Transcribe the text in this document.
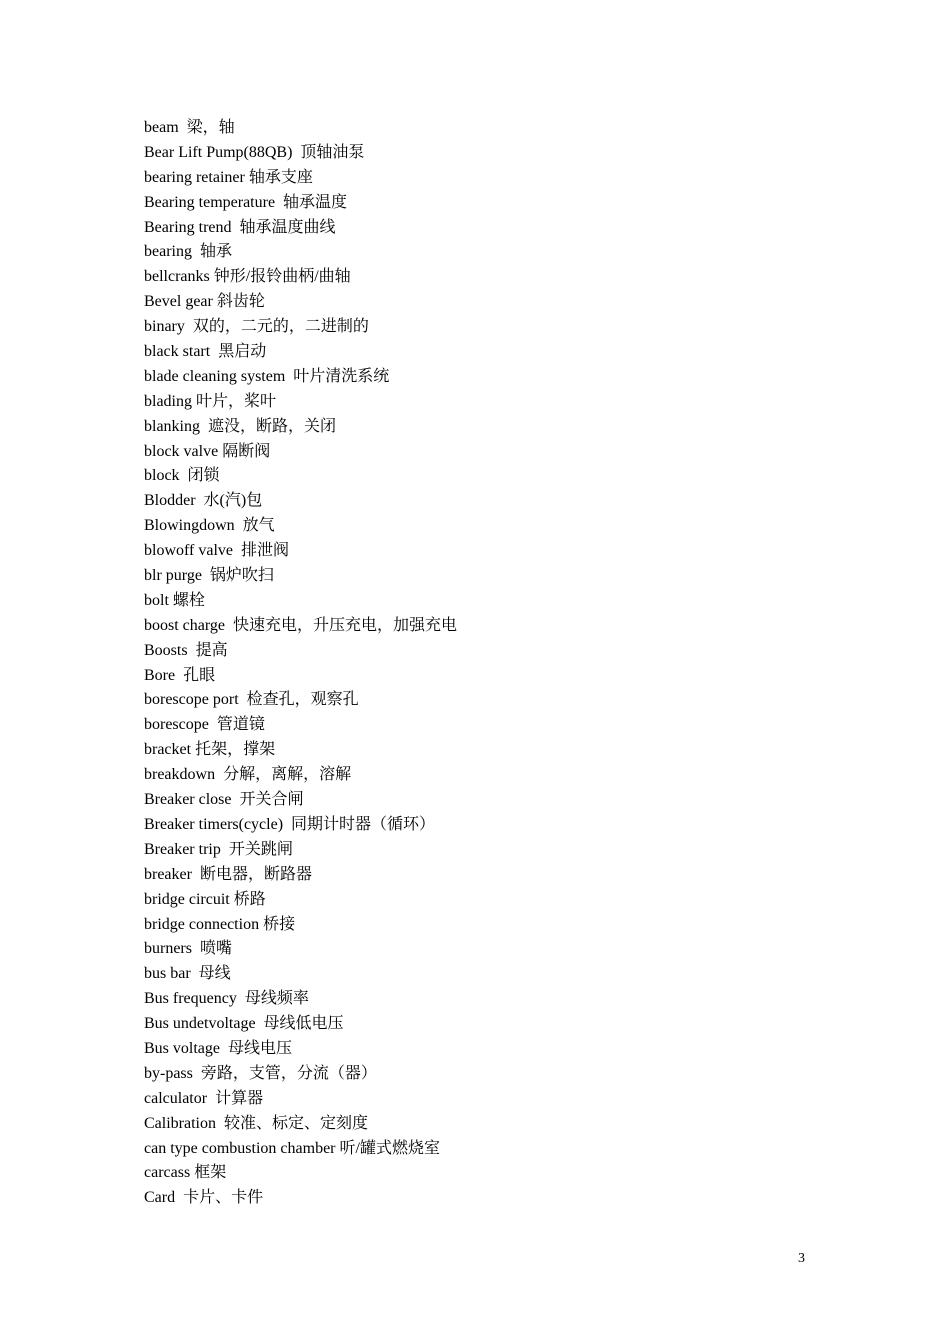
beam  梁，轴
Bear Lift Pump(88QB)  顶轴油泵
bearing retainer 轴承支座
Bearing temperature  轴承温度
Bearing trend  轴承温度曲线
bearing  轴承
bellcranks 钟形/报铃曲柄/曲轴
Bevel gear 斜齿轮
binary  双的，二元的，二进制的
black start  黑启动
blade cleaning system  叶片清洗系统
blading 叶片，桨叶
blanking  遮没，断路，关闭
block valve 隔断阀
block  闭锁
Blodder  水(汽)包
Blowingdown  放气
blowoff valve  排泄阀
blr purge  锅炉吹扫
bolt 螺栓
boost charge  快速充电，升压充电，加强充电
Boosts  提高
Bore  孔眼
borescope port  检查孔，观察孔
borescope  管道镜
bracket 托架，撑架
breakdown  分解，离解，溶解
Breaker close  开关合闸
Breaker timers(cycle)  同期计时器（循环）
Breaker trip  开关跳闸
breaker  断电器，断路器
bridge circuit 桥路
bridge connection 桥接
burners  喷嘴
bus bar  母线
Bus frequency  母线频率
Bus undetvoltage  母线低电压
Bus voltage  母线电压
by-pass  旁路，支管，分流（器）
calculator  计算器
Calibration  较准、标定、定刻度
can type combustion chamber 听/罐式燃烧室
carcass 框架
Card  卡片、卡件
3
